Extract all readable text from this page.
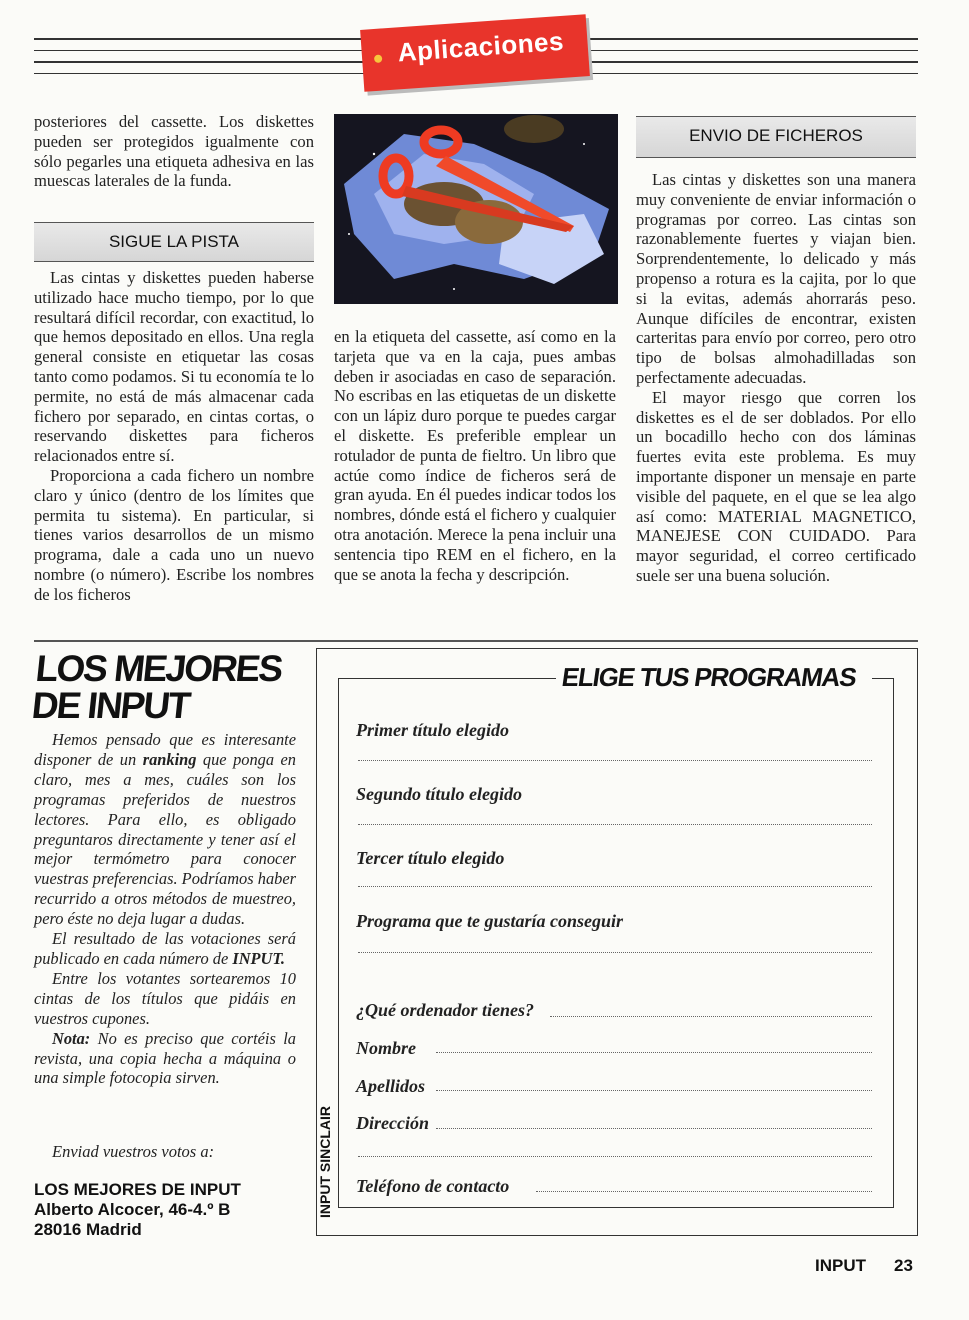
Aplicaciones

posteriores del cassette. Los diskettes pueden ser protegidos igualmente con sólo pegarles una etiqueta adhesiva en las muescas laterales de la funda.

SIGUE LA PISTA

Las cintas y diskettes pueden haberse utilizado hace mucho tiempo, por lo que resultará difícil recordar, con exactitud, lo que hemos depositado en ellos. Una regla general consiste en etiquetar las cosas tanto como podamos. Si tu economía te lo permite, no está de más almacenar cada fichero por separado, en cintas cortas, o reservando diskettes para ficheros relacionados entre sí.

Proporciona a cada fichero un nombre claro y único (dentro de los límites que permita tu sistema). En particular, si tienes varios desarrollos de un mismo programa, dale a cada uno un nuevo nombre (o número). Escribe los nombres de los ficheros

en la etiqueta del cassette, así como en la tarjeta que va en la caja, pues ambas deben ir asociadas en caso de separación. No escribas en las etiquetas de un diskette con un lápiz duro porque te puedes cargar el diskette. Es preferible emplear un rotulador de punta de fieltro. Un libro que actúe como índice de ficheros será de gran ayuda. En él puedes indicar todos los nombres, dónde está el fichero y cualquier otra anotación. Merece la pena incluir una sentencia tipo REM en el fichero, en la que se anota la fecha y descripción.

ENVIO DE FICHEROS

Las cintas y diskettes son una manera muy conveniente de enviar información o programas por correo. Las cintas son razonablemente fuertes y viajan bien. Sorprendentemente, lo delicado y más propenso a rotura es la cajita, por lo que si la evitas, además ahorrarás peso. Aunque difíciles de encontrar, existen carteritas para envío por correo, pero otro tipo de bolsas almohadilladas son perfectamente adecuadas.

El mayor riesgo que corren los diskettes es el de ser doblados. Por ello un bocadillo hecho con dos láminas fuertes evita este problema. Es muy importante disponer un mensaje en parte visible del paquete, en el que se lea algo así como: MATERIAL MAGNETICO, MANEJESE CON CUIDADO. Para mayor seguridad, el correo certificado suele ser una buena solución.

LOS MEJORES
DE INPUT

Hemos pensado que es interesante disponer de un ranking que ponga en claro, mes a mes, cuáles son los programas preferidos de nuestros lectores. Para ello, es obligado preguntaros directamente y tener así el mejor termómetro para conocer vuestras preferencias. Podríamos haber recurrido a otros métodos de muestreo, pero éste no deja lugar a dudas.

El resultado de las votaciones será publicado en cada número de INPUT.

Entre los votantes sortearemos 10 cintas de los títulos que pidáis en vuestros cupones.

Nota: No es preciso que cortéis la revista, una copia hecha a máquina o una simple fotocopia sirven.

Enviad vuestros votos a:
LOS MEJORES DE INPUT
Alberto Alcocer, 46-4.º B
28016 Madrid
ELIGE TUS PROGRAMAS
INPUT SINCLAIR
Primer título elegido
Segundo título elegido
Tercer título elegido
Programa que te gustaría conseguir
¿Qué ordenador tienes?
Nombre
Apellidos
Dirección
Teléfono de contacto
INPUT 23
